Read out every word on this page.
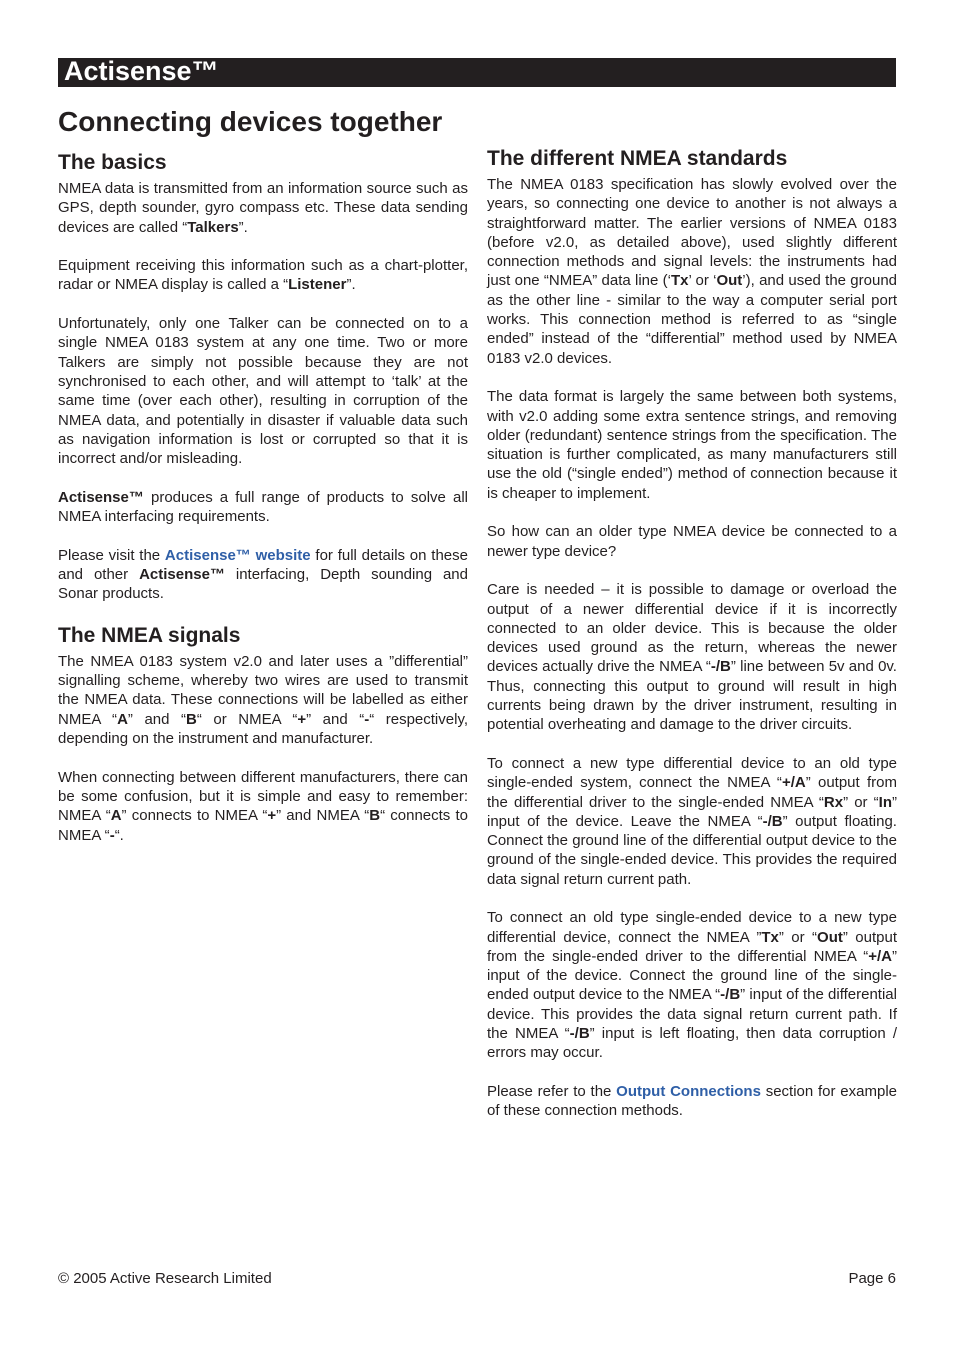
Actisense™
Connecting devices together
The basics

NMEA data is transmitted from an information source such as GPS, depth sounder, gyro compass etc. These data sending devices are called “Talkers”.

Equipment receiving this information such as a chart-plotter, radar or NMEA display is called a “Listener”.

Unfortunately, only one Talker can be connected on to a single NMEA 0183 system at any one time. Two or more Talkers are simply not possible because they are not synchronised to each other, and will attempt to ‘talk’ at the same time (over each other), resulting in corruption of the NMEA data, and potentially in disaster if valuable data such as navigation information is lost or corrupted so that it is incorrect and/or misleading.

Actisense™ produces a full range of products to solve all NMEA interfacing requirements.

Please visit the Actisense™ website for full details on these and other Actisense™ interfacing, Depth sounding and Sonar products.

The NMEA signals

The NMEA 0183 system v2.0 and later uses a ”differential” signalling scheme, whereby two wires are used to transmit the NMEA data. These connections will be labelled as either NMEA “A” and “B“ or NMEA “+” and “-“ respectively, depending on the instrument and manufacturer.

When connecting between different manufacturers, there can be some confusion, but it is simple and easy to remember: NMEA “A” connects to NMEA “+” and NMEA “B“ connects to NMEA “-“.

The different NMEA standards

The NMEA 0183 specification has slowly evolved over the years, so connecting one device to another is not always a straightforward matter. The earlier versions of NMEA 0183 (before v2.0, as detailed above), used slightly different connection methods and signal levels: the instruments had just one “NMEA” data line (‘Tx’ or ‘Out’), and used the ground as the other line - similar to the way a computer serial port works. This connection method is referred to as “single ended” instead of the “differential” method used by NMEA 0183 v2.0 devices.

The data format is largely the same between both systems, with v2.0 adding some extra sentence strings, and removing older (redundant) sentence strings from the specification. The situation is further complicated, as many manufacturers still use the old (“single ended”) method of connection because it is cheaper to implement.

So how can an older type NMEA device be connected to a newer type device?

Care is needed – it is possible to damage or overload the output of a newer differential device if it is incorrectly connected to an older device. This is because the older devices used ground as the return, whereas the newer devices actually drive the NMEA “-/B” line between 5v and 0v. Thus, connecting this output to ground will result in high currents being drawn by the driver instrument, resulting in potential overheating and damage to the driver circuits.

To connect a new type differential device to an old type single-ended system, connect the NMEA “+/A” output from the differential driver to the single-ended NMEA “Rx” or “In” input of the device. Leave the NMEA “-/B” output floating. Connect the ground line of the differential output device to the ground of the single-ended device. This provides the required data signal return current path.

To connect an old type single-ended device to a new type differential device, connect the NMEA ”Tx” or “Out” output from the single-ended driver to the differential NMEA “+/A” input of the device. Connect the ground line of the single-ended output device to the NMEA “-/B” input of the differential device. This provides the data signal return current path. If the NMEA “-/B” input is left floating, then data corruption / errors may occur.

Please refer to the Output Connections section for example of these connection methods.

© 2005 Active Research Limited	Page 6
